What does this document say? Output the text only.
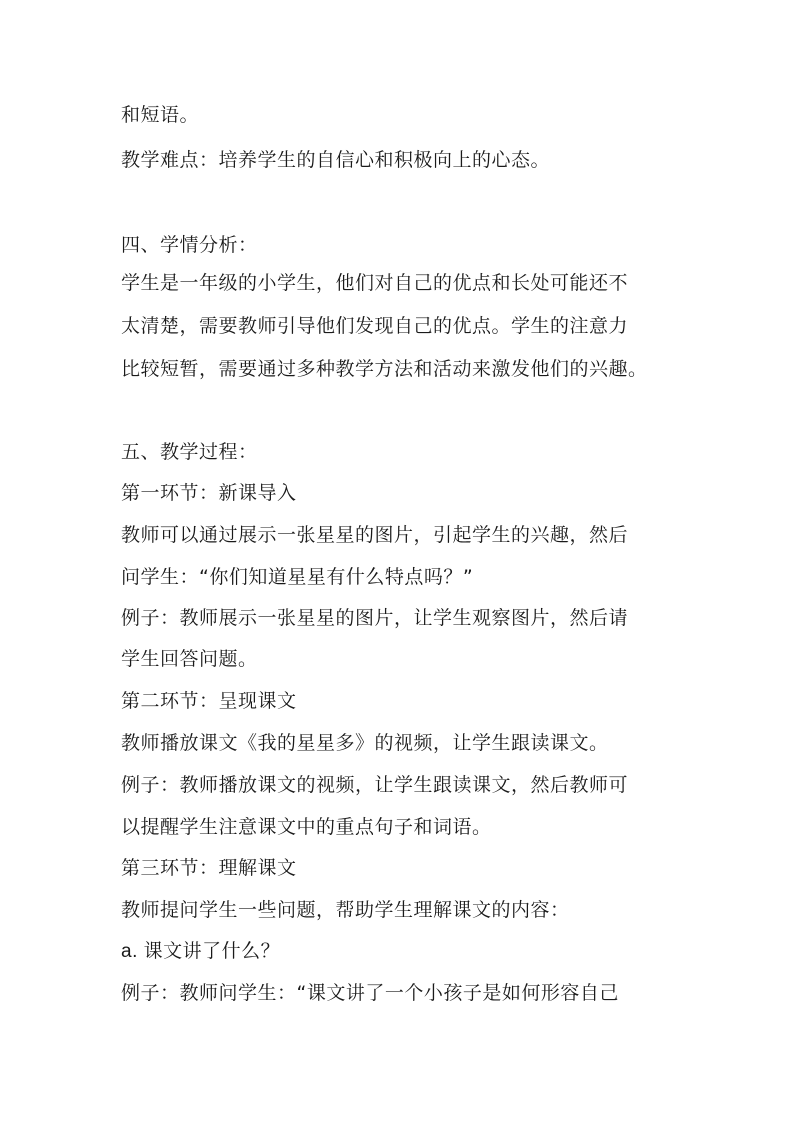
和短语。
教学难点：培养学生的自信心和积极向上的心态。
四、学情分析：
学生是一年级的小学生，他们对自己的优点和长处可能还不
太清楚，需要教师引导他们发现自己的优点。学生的注意力
比较短暂，需要通过多种教学方法和活动来激发他们的兴趣。
五、教学过程：
第一环节：新课导入
教师可以通过展示一张星星的图片，引起学生的兴趣，然后
问学生：“你们知道星星有什么特点吗？”
例子：教师展示一张星星的图片，让学生观察图片，然后请
学生回答问题。
第二环节：呈现课文
教师播放课文《我的星星多》的视频，让学生跟读课文。
例子：教师播放课文的视频，让学生跟读课文，然后教师可
以提醒学生注意课文中的重点句子和词语。
第三环节：理解课文
教师提问学生一些问题，帮助学生理解课文的内容：
a. 课文讲了什么？
例子：教师问学生：“课文讲了一个小孩子是如何形容自己
